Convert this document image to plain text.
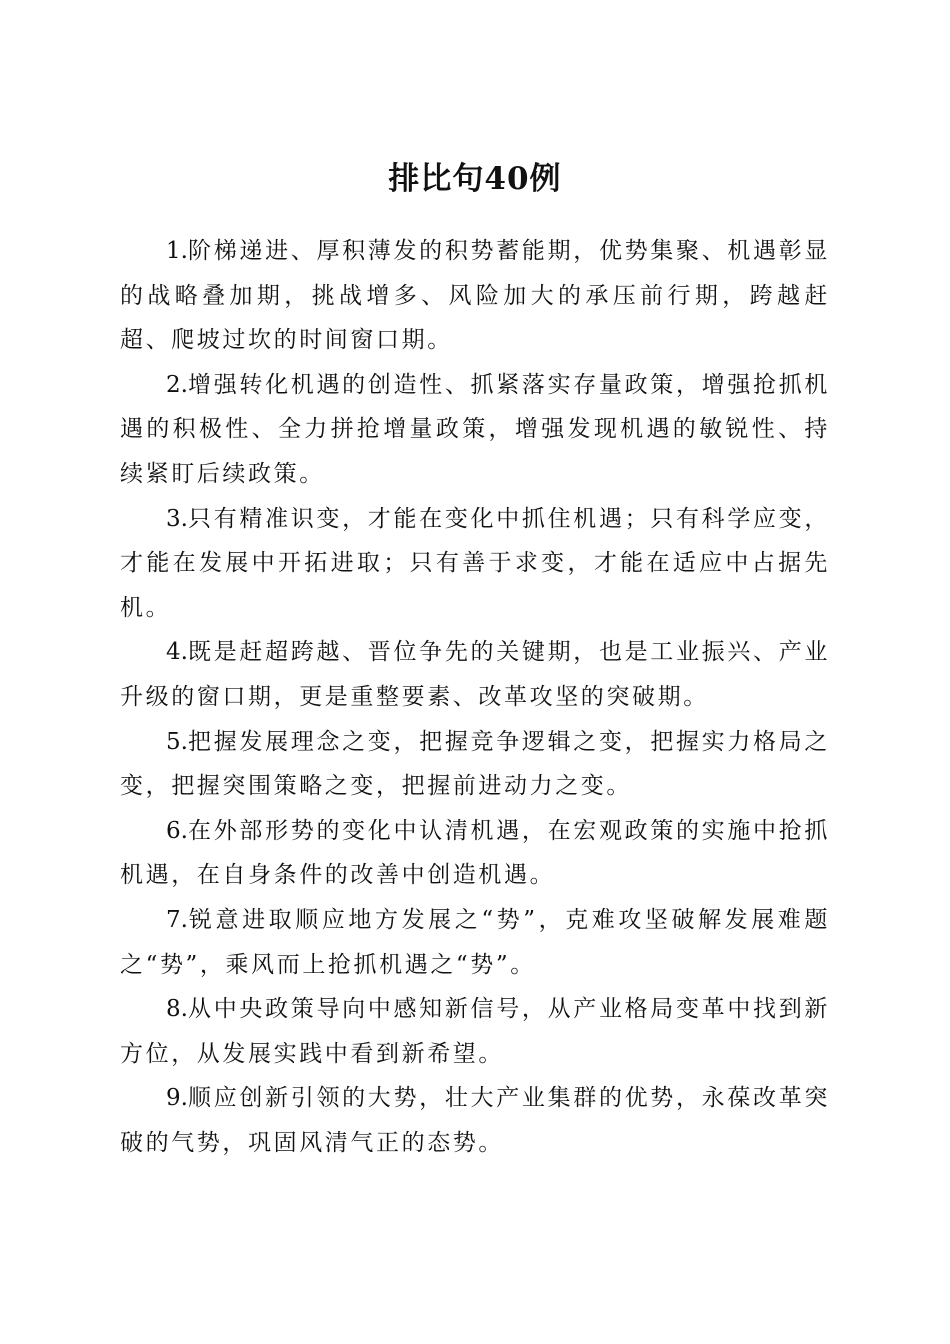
排比句40例

1.阶梯递进、厚积薄发的积势蓄能期，优势集聚、机遇彰显的战略叠加期，挑战增多、风险加大的承压前行期，跨越赶超、爬坡过坎的时间窗口期。

2.增强转化机遇的创造性、抓紧落实存量政策，增强抢抓机遇的积极性、全力拼抢增量政策，增强发现机遇的敏锐性、持续紧盯后续政策。

3.只有精准识变，才能在变化中抓住机遇；只有科学应变，才能在发展中开拓进取；只有善于求变，才能在适应中占据先机。

4.既是赶超跨越、晋位争先的关键期，也是工业振兴、产业升级的窗口期，更是重整要素、改革攻坚的突破期。

5.把握发展理念之变，把握竞争逻辑之变，把握实力格局之变，把握突围策略之变，把握前进动力之变。

6.在外部形势的变化中认清机遇，在宏观政策的实施中抢抓机遇，在自身条件的改善中创造机遇。

7.锐意进取顺应地方发展之“势”，克难攻坚破解发展难题之“势”，乘风而上抢抓机遇之“势”。

8.从中央政策导向中感知新信号，从产业格局变革中找到新方位，从发展实践中看到新希望。

9.顺应创新引领的大势，壮大产业集群的优势，永葆改革突破的气势，巩固风清气正的态势。
